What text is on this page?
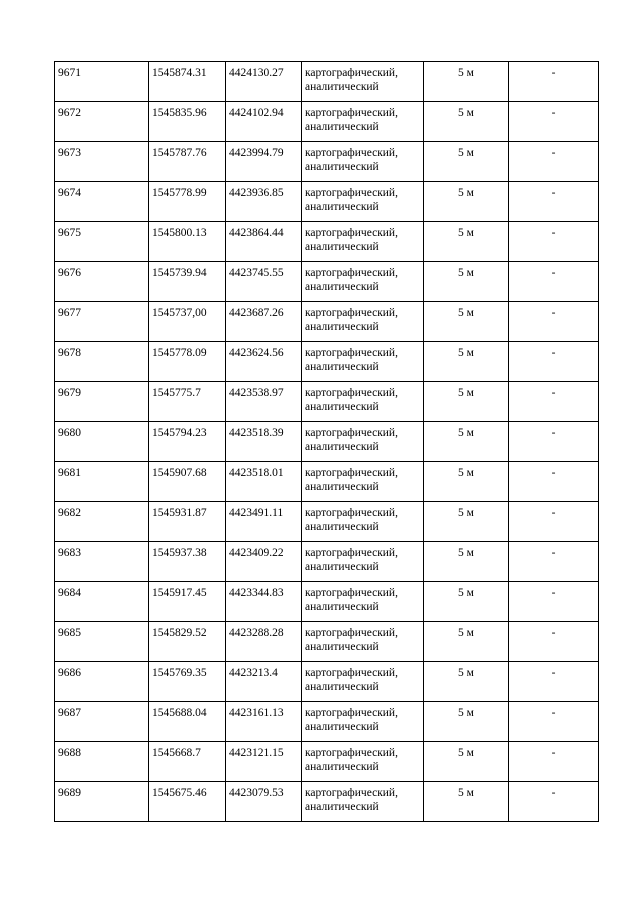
9671	1545874.31	4424130.27	картографический, аналитический	5 м	-
9672	1545835.96	4424102.94	картографический, аналитический	5 м	-
9673	1545787.76	4423994.79	картографический, аналитический	5 м	-
9674	1545778.99	4423936.85	картографический, аналитический	5 м	-
9675	1545800.13	4423864.44	картографический, аналитический	5 м	-
9676	1545739.94	4423745.55	картографический, аналитический	5 м	-
9677	1545737,00	4423687.26	картографический, аналитический	5 м	-
9678	1545778.09	4423624.56	картографический, аналитический	5 м	-
9679	1545775.7	4423538.97	картографический, аналитический	5 м	-
9680	1545794.23	4423518.39	картографический, аналитический	5 м	-
9681	1545907.68	4423518.01	картографический, аналитический	5 м	-
9682	1545931.87	4423491.11	картографический, аналитический	5 м	-
9683	1545937.38	4423409.22	картографический, аналитический	5 м	-
9684	1545917.45	4423344.83	картографический, аналитический	5 м	-
9685	1545829.52	4423288.28	картографический, аналитический	5 м	-
9686	1545769.35	4423213.4	картографический, аналитический	5 м	-
9687	1545688.04	4423161.13	картографический, аналитический	5 м	-
9688	1545668.7	4423121.15	картографический, аналитический	5 м	-
9689	1545675.46	4423079.53	картографический, аналитический	5 м	-
